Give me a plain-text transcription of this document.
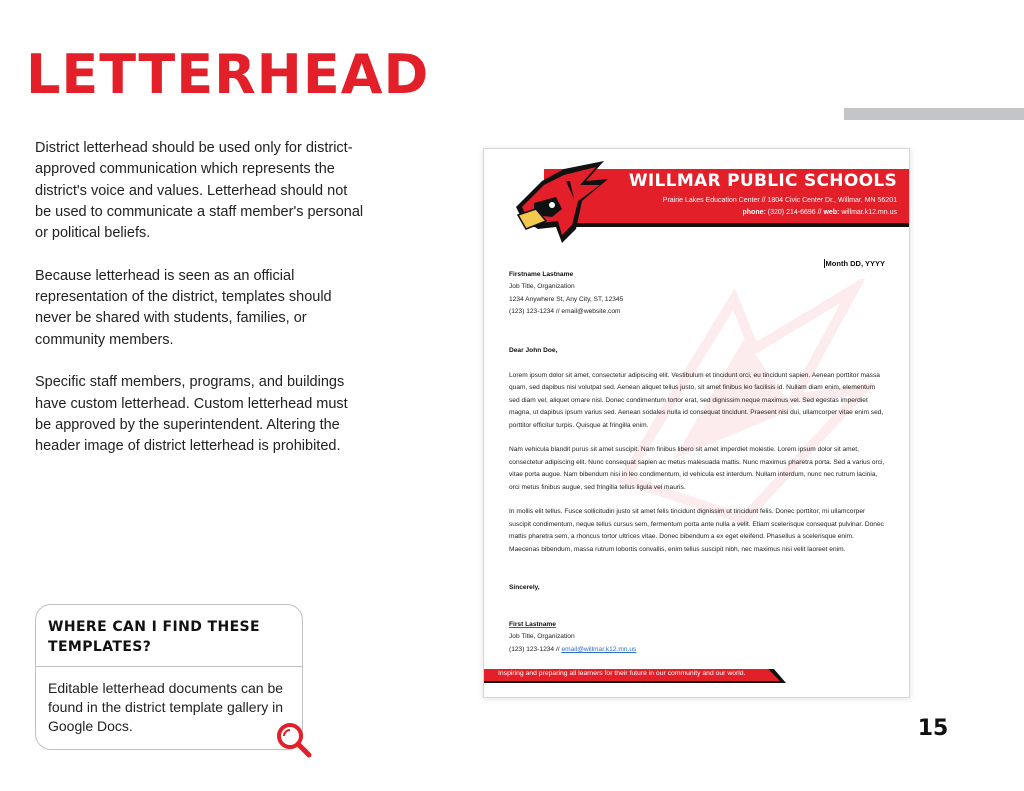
LETTERHEAD

District letterhead should be used only for district-approved communication which represents the district's voice and values. Letterhead should not be used to communicate a staff member's personal or political beliefs.

Because letterhead is seen as an official representation of the district, templates should never be shared with students, families, or community members.

Specific staff members, programs, and buildings have custom letterhead. Custom letterhead must be approved by the superintendent. Altering the header image of district letterhead is prohibited.

WHERE CAN I FIND THESE TEMPLATES?
Editable letterhead documents can be found in the district template gallery in Google Docs.	15
WILLMAR PUBLIC SCHOOLS
Prairie Lakes Education Center // 1804 Civic Center Dr., Willmar, MN 56201
phone: (320) 214-6696 // web: willmar.k12.mn.us
Month DD, YYYY
Firstname Lastname
Job Title, Organization
1234 Anywhere St, Any City, ST, 12345
(123) 123-1234 // email@website.com
Dear John Doe,

Lorem ipsum dolor sit amet, consectetur adipiscing elit. Vestibulum et tincidunt orci, eu tincidunt sapien. Aenean porttitor massa quam, sed dapibus nisi volutpat sed. Aenean aliquet tellus justo, sit amet finibus leo facilisis id. Nullam diam enim, elementum sed diam vel, aliquet ornare nisl. Donec condimentum tortor erat, sed dignissim neque maximus vel. Sed egestas imperdiet magna, ut dapibus ipsum varius sed. Aenean sodales nulla id consequat tincidunt. Praesent nisi dui, ullamcorper vitae enim sed, porttitor efficitur turpis. Quisque at fringilla enim.

Nam vehicula blandit purus sit amet suscipit. Nam finibus libero sit amet imperdiet molestie. Lorem ipsum dolor sit amet, consectetur adipiscing elit. Nunc consequat sapien ac metus malesuada mattis. Nunc maximus pharetra porta. Sed a varius orci, vitae porta augue. Nam bibendum nisi in leo condimentum, id vehicula est interdum. Nullam interdum, nunc nec rutrum lacinia, orci metus finibus augue, sed fringilla tellus ligula vel mauris.

In mollis elit tellus. Fusce sollicitudin justo sit amet felis tincidunt dignissim ut tincidunt felis. Donec porttitor, mi ullamcorper suscipit condimentum, neque tellus cursus sem, fermentum porta ante nulla a velit. Etiam scelerisque consequat pulvinar. Donec mattis pharetra sem, a rhoncus tortor ultrices vitae. Donec bibendum a ex eget eleifend. Phasellus a scelerisque enim. Maecenas bibendum, massa rutrum lobortis convallis, enim tellus suscipit nibh, nec maximus nisi velit laoreet enim.

Sincerely,
First Lastname
Job Title, Organization
(123) 123-1234 // email@willmar.k12.mn.us
Inspiring and preparing all learners for their future in our community and our world.
